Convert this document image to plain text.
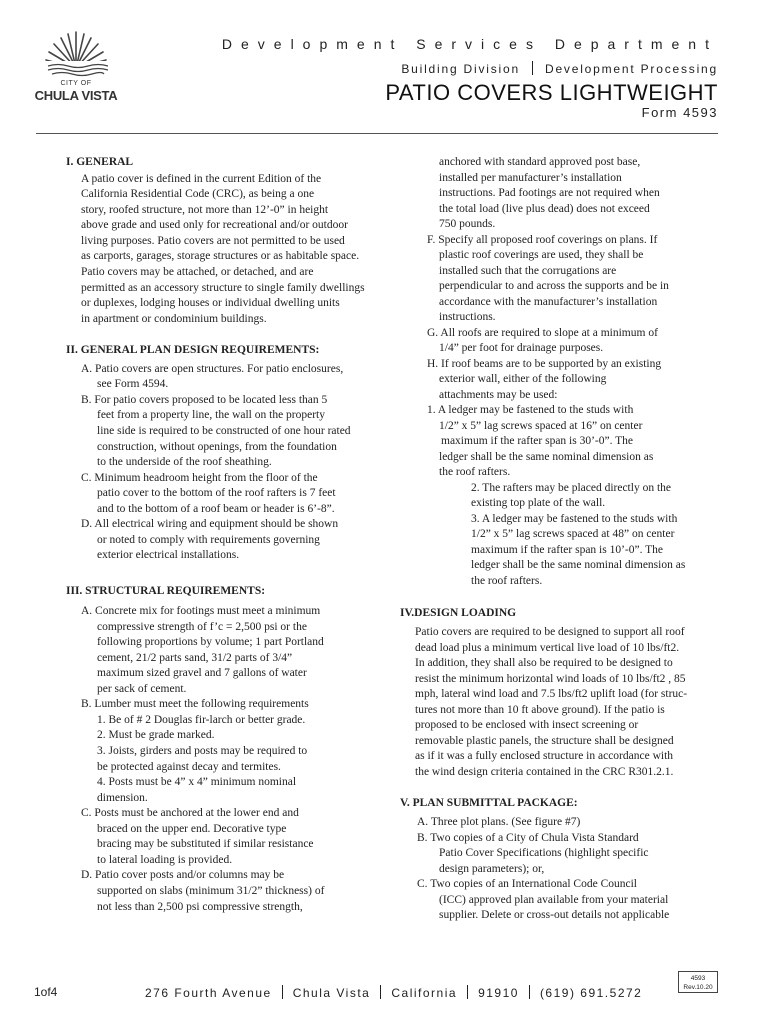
CITY OF
CHULA VISTA
Development Services Department
Building Division Development Processing
PATIO COVERS LIGHTWEIGHT
Form 4593
I. GENERAL
A patio cover is defined in the current Edition of the
California Residential Code (CRC), as being a one
story, roofed structure, not more than 12’-0” in height
above grade and used only for recreational and/or outdoor
living purposes. Patio covers are not permitted to be used
as carports, garages, storage structures or as habitable space.
Patio covers may be attached, or detached, and are
permitted as an accessory structure to single family dwellings
or duplexes, lodging houses or individual dwelling units
in apartment or condominium buildings.
II. GENERAL PLAN DESIGN REQUIREMENTS:
A. Patio covers are open structures. For patio enclosures,
see Form 4594.
B. For patio covers proposed to be located less than 5
feet from a property line, the wall on the property
line side is required to be constructed of one hour rated
construction, without openings, from the foundation
to the underside of the roof sheathing.
C. Minimum headroom height from the floor of the
patio cover to the bottom of the roof rafters is 7 feet
and to the bottom of a roof beam or header is 6’-8”.
D. All electrical wiring and equipment should be shown
or noted to comply with requirements governing
exterior electrical installations.
III. STRUCTURAL REQUIREMENTS:
A. Concrete mix for footings must meet a minimum
compressive strength of f’c = 2,500 psi or the
following proportions by volume; 1 part Portland
cement, 21/2 parts sand, 31/2 parts of 3/4”
maximum sized gravel and 7 gallons of water
per sack of cement.
B. Lumber must meet the following requirements
1. Be of # 2 Douglas fir-larch or better grade.
2. Must be grade marked.
3. Joists, girders and posts may be required to
be protected against decay and termites.
4. Posts must be 4” x 4” minimum nominal
dimension.
C. Posts must be anchored at the lower end and
braced on the upper end. Decorative type
bracing may be substituted if similar resistance
to lateral loading is provided.
D. Patio cover posts and/or columns may be
supported on slabs (minimum 31/2” thickness) of
not less than 2,500 psi compressive strength,
anchored with standard approved post base,
installed per manufacturer’s installation
instructions. Pad footings are not required when
the total load (live plus dead) does not exceed
750 pounds.
F. Specify all proposed roof coverings on plans. If
plastic roof coverings are used, they shall be
installed such that the corrugations are
perpendicular to and across the supports and be in
accordance with the manufacturer’s installation
instructions.
G. All roofs are required to slope at a minimum of
1/4” per foot for drainage purposes.
H. If roof beams are to be supported by an existing
exterior wall, either of the following
attachments may be used:
1. A ledger may be fastened to the studs with
1/2” x 5” lag screws spaced at 16” on center
maximum if the rafter span is 30’-0”. The
ledger shall be the same nominal dimension as
the roof rafters.
2. The rafters may be placed directly on the
existing top plate of the wall.
3. A ledger may be fastened to the studs with
1/2” x 5” lag screws spaced at 48” on center
maximum if the rafter span is 10’-0”. The
ledger shall be the same nominal dimension as
the roof rafters.
IV.DESIGN LOADING
Patio covers are required to be designed to support all roof
dead load plus a minimum vertical live load of 10 lbs/ft2.
In addition, they shall also be required to be designed to
resist the minimum horizontal wind loads of 10 lbs/ft2 , 85
mph, lateral wind load and 7.5 lbs/ft2 uplift load (for struc-
tures not more than 10 ft above ground). If the patio is
proposed to be enclosed with insect screening or
removable plastic panels, the structure shall be designed
as if it was a fully enclosed structure in accordance with
the wind design criteria contained in the CRC R301.2.1.
V. PLAN SUBMITTAL PACKAGE:
A. Three plot plans. (See figure #7)
B. Two copies of a City of Chula Vista Standard
Patio Cover Specifications (highlight specific
design parameters); or,
C. Two copies of an International Code Council
(ICC) approved plan available from your material
supplier. Delete or cross-out details not applicable
1of4	276 Fourth Avenue Chula Vista California 91910 (619) 691.5272
4593
Rev.10.20
